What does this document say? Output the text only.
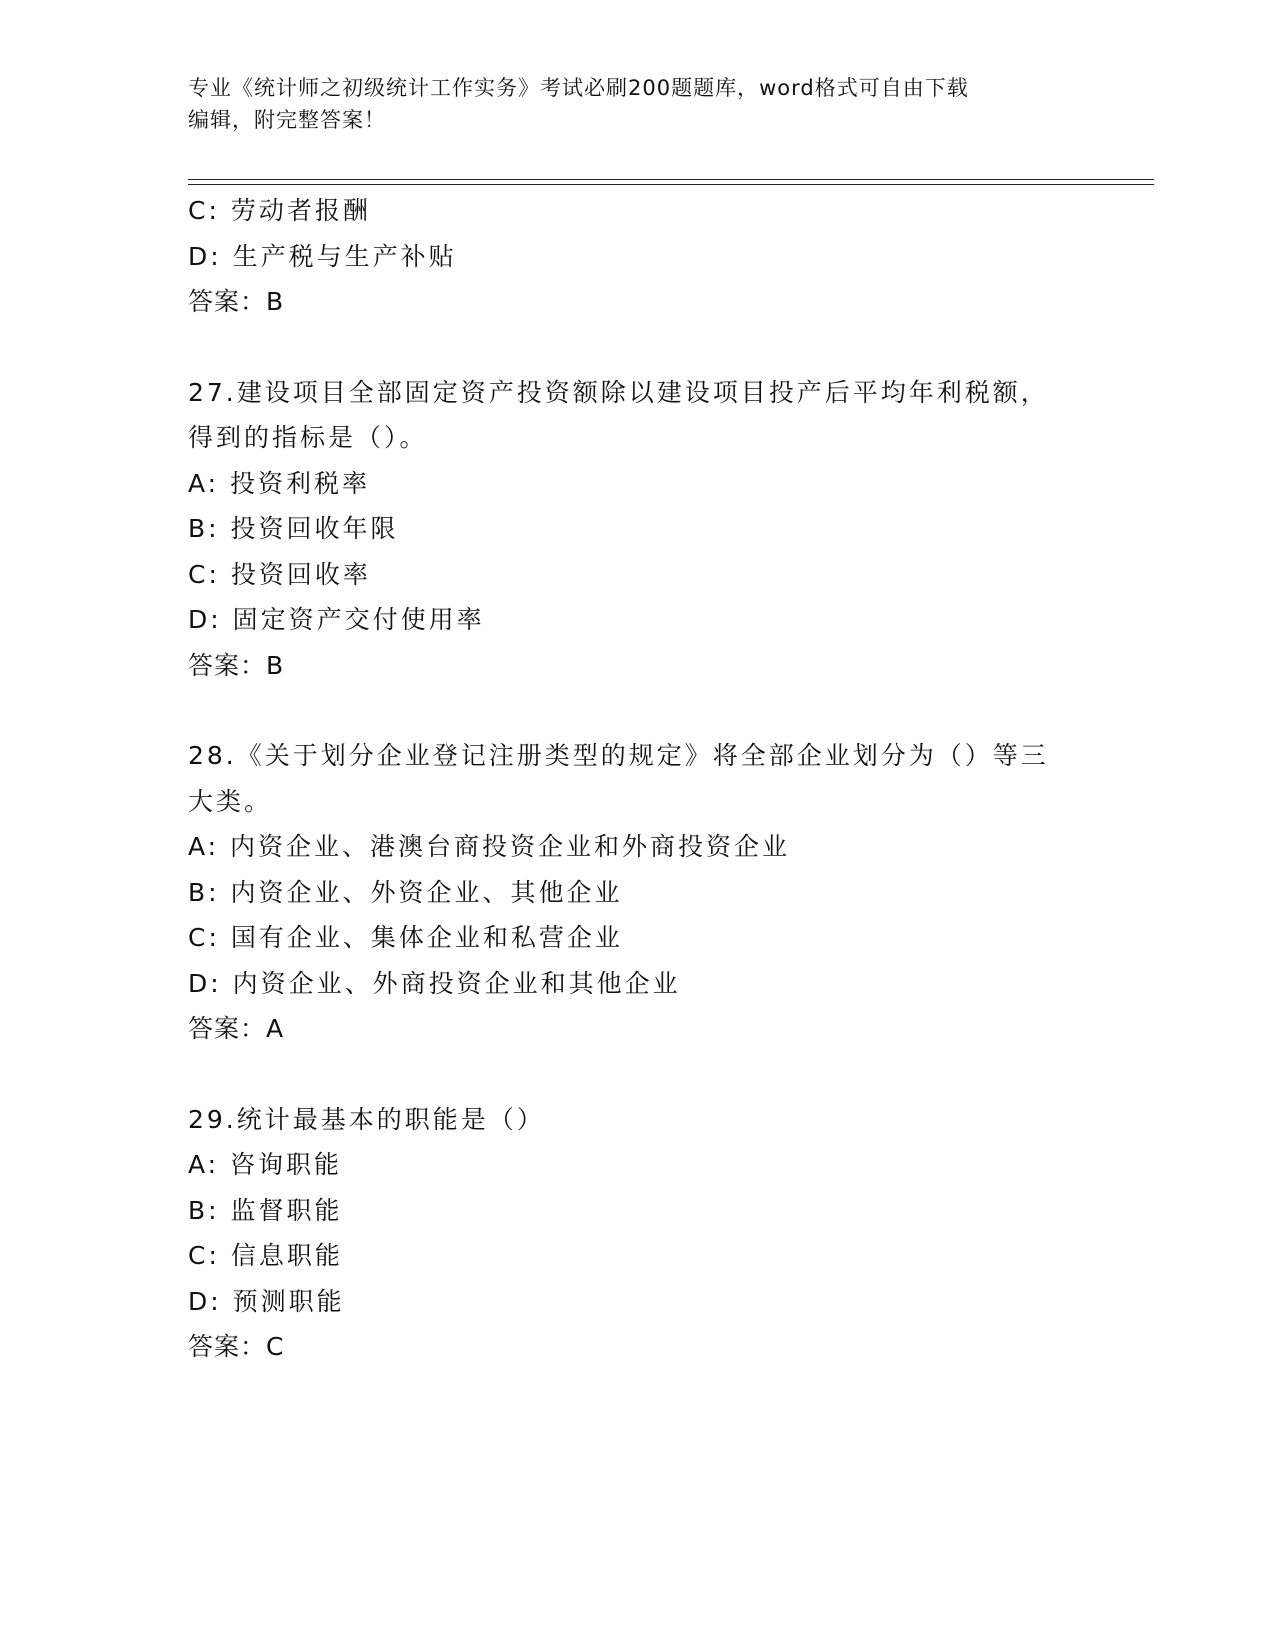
专业《统计师之初级统计工作实务》考试必刷200题题库，word格式可自由下载
编辑，附完整答案！
C: 劳动者报酬
D: 生产税与生产补贴
答案：B
27.建设项目全部固定资产投资额除以建设项目投产后平均年利税额，
得到的指标是（）。
A: 投资利税率
B: 投资回收年限
C: 投资回收率
D: 固定资产交付使用率
答案：B
28.《关于划分企业登记注册类型的规定》将全部企业划分为（）等三
大类。
A: 内资企业、港澳台商投资企业和外商投资企业
B: 内资企业、外资企业、其他企业
C: 国有企业、集体企业和私营企业
D: 内资企业、外商投资企业和其他企业
答案：A
29.统计最基本的职能是（）
A: 咨询职能
B: 监督职能
C: 信息职能
D: 预测职能
答案：C
